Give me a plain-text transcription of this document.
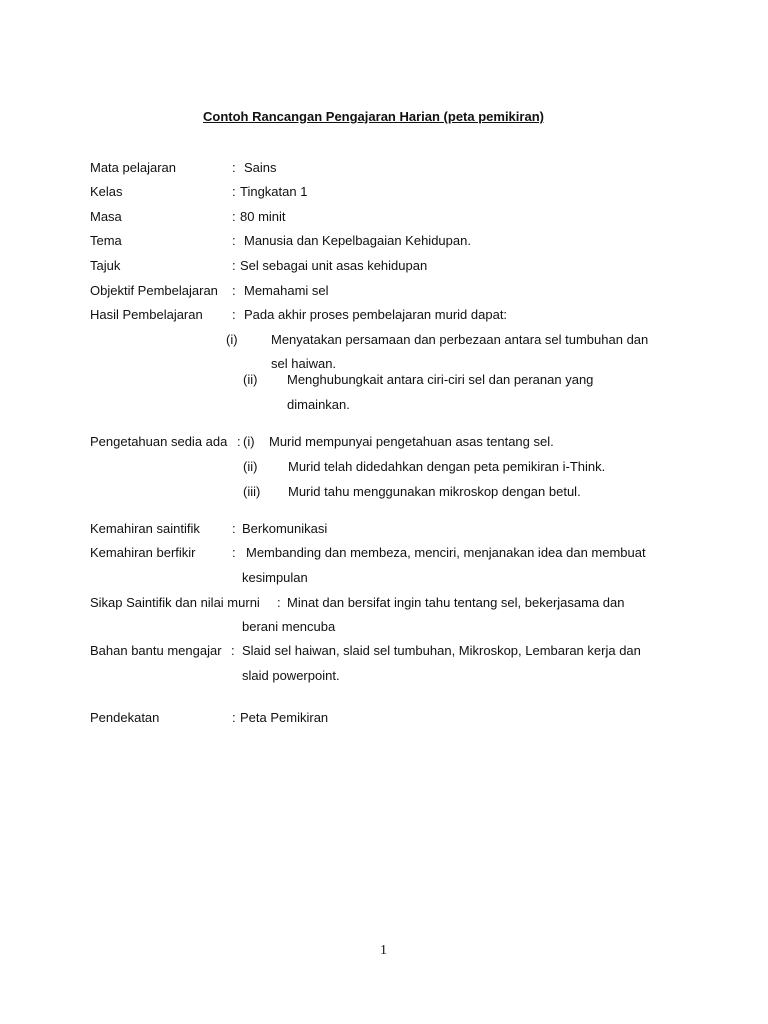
Contoh Rancangan Pengajaran Harian (peta pemikiran)
Mata pelajaran	: Sains
Kelas	: Tingkatan 1
Masa	: 80 minit
Tema	: Manusia dan Kepelbagaian Kehidupan.
Tajuk	: Sel sebagai unit asas kehidupan
Objektif Pembelajaran : Memahami sel
Hasil Pembelajaran : Pada akhir proses pembelajaran murid dapat:
(i)	Menyatakan persamaan dan perbezaan antara sel tumbuhan dan
sel haiwan.
(ii) Menghubungkait antara ciri-ciri sel dan peranan yang
dimainkan.
Pengetahuan sedia ada : (i) Murid mempunyai pengetahuan asas tentang sel.
(ii) Murid telah didedahkan dengan peta pemikiran i-Think.
(iii) Murid tahu menggunakan mikroskop dengan betul.
Kemahiran saintifik : Berkomunikasi
Kemahiran berfikir	: Membanding dan membeza, menciri, menjanakan idea dan membuat
kesimpulan
Sikap Saintifik dan nilai murni : Minat dan bersifat ingin tahu tentang sel, bekerjasama dan
berani mencuba
Bahan bantu mengajar : Slaid sel haiwan, slaid sel tumbuhan, Mikroskop, Lembaran kerja dan
slaid powerpoint.
Pendekatan	: Peta Pemikiran
1
